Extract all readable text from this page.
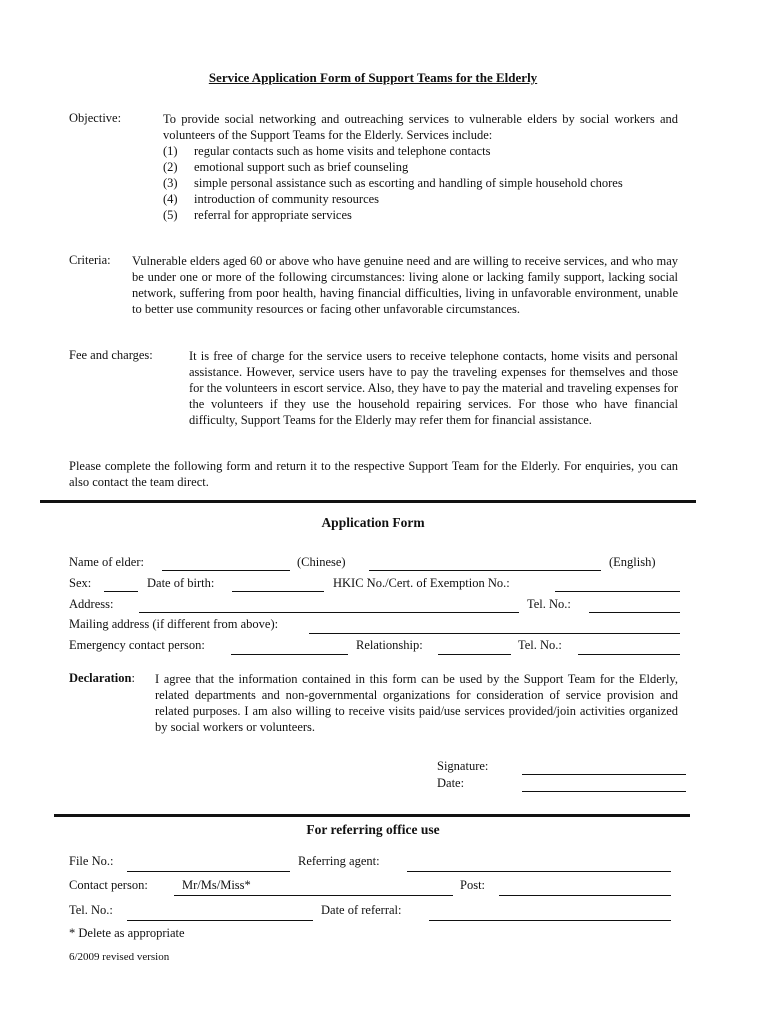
Service Application Form of Support Teams for the Elderly
Objective:	To provide social networking and outreaching services to vulnerable elders by social workers and volunteers of the Support Teams for the Elderly. Services include:
(1) regular contacts such as home visits and telephone contacts
(2) emotional support such as brief counseling
(3) simple personal assistance such as escorting and handling of simple household chores
(4) introduction of community resources
(5) referral for appropriate services
Criteria: Vulnerable elders aged 60 or above who have genuine need and are willing to receive services, and who may be under one or more of the following circumstances: living alone or lacking family support, lacking social network, suffering from poor health, having financial difficulties, living in unfavorable environment, unable to better use community resources or facing other unfavorable circumstances.
Fee and charges:	It is free of charge for the service users to receive telephone contacts, home visits and personal assistance. However, service users have to pay the traveling expenses for themselves and those for the volunteers in escort service. Also, they have to pay the material and traveling expenses for the volunteers if they use the household repairing services. For those who have financial difficulty, Support Teams for the Elderly may refer them for financial assistance.
Please complete the following form and return it to the respective Support Team for the Elderly. For enquiries, you can also contact the team direct.
Application Form
Name of elder:	(Chinese)	(English)
Sex:	Date of birth:	HKIC No./Cert. of Exemption No.:
Address:	Tel. No.:
Mailing address (if different from above):
Emergency contact person:	Relationship:	Tel. No.:
Declaration: I agree that the information contained in this form can be used by the Support Team for the Elderly, related departments and non-governmental organizations for consideration of service provision and related purposes. I am also willing to receive visits paid/use services provided/join activities organized by social workers or volunteers.
Signature:
Date:
For referring office use
File No.:	Referring agent:
Contact person:	Mr/Ms/Miss*	Post:
Tel. No.:	Date of referral:
* Delete as appropriate
6/2009 revised version
